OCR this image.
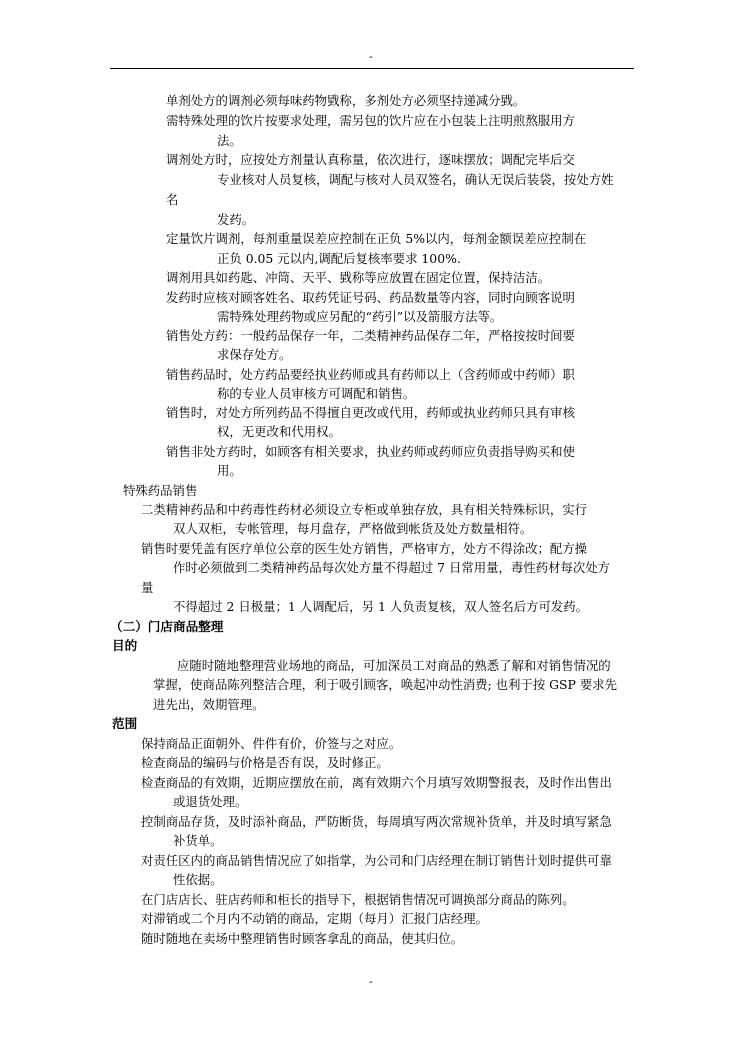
-
单剂处方的调剂必须每味药物戥称，多剂处方必须坚持递减分戥。
需特殊处理的饮片按要求处理，需另包的饮片应在小包装上注明煎熬服用方
法。
调剂处方时，应按处方剂量认真称量，依次进行，逐味摆放；调配完毕后交
专业核对人员复核，调配与核对人员双签名，确认无误后装袋，按处方姓
名
发药。
定量饮片调剂，每剂重量误差应控制在正负 5%以内，每剂金额误差应控制在
正负 0.05 元以内,调配后复核率要求 100%.
调剂用具如药匙、冲筒、天平、戥称等应放置在固定位置，保持洁洁。
发药时应核对顾客姓名、取药凭证号码、药品数量等内容，同时向顾客说明
需特殊处理药物或应另配的“药引”以及箭服方法等。
销售处方药：一般药品保存一年，二类精神药品保存二年，严格按按时间要
求保存处方。
销售药品时，处方药品要经执业药师或具有药师以上（含药师或中药师）职
称的专业人员审核方可调配和销售。
销售时，对处方所列药品不得擅自更改或代用，药师或执业药师只具有审核
权，无更改和代用权。
销售非处方药时，如顾客有相关要求，执业药师或药师应负责指导购买和使
用。
特殊药品销售
二类精神药品和中药毒性药材必须设立专柜或单独存放，具有相关特殊标识，实行
双人双柜，专帐管理，每月盘存，严格做到帐货及处方数量相符。
销售时要凭盖有医疗单位公章的医生处方销售，严格审方，处方不得涂改；配方操
作时必须做到二类精神药品每次处方量不得超过 7 日常用量，毒性药材每次处方
量
不得超过 2 日极量；1 人调配后，另 1 人负责复核，双人签名后方可发药。
（二）门店商品整理
目的
应随时随地整理营业场地的商品，可加深员工对商品的熟悉了解和对销售情况的
掌握，使商品陈列整洁合理，利于吸引顾客，唤起冲动性消费; 也利于按 GSP 要求先
进先出，效期管理。
范围
保持商品正面朝外、件件有价，价签与之对应。
检查商品的编码与价格是否有误，及时修正。
检查商品的有效期，近期应摆放在前，离有效期六个月填写效期警报表，及时作出售出
或退货处理。
控制商品存货，及时添补商品，严防断货，每周填写两次常规补货单，并及时填写紧急
补货单。
对责任区内的商品销售情况应了如指掌，为公司和门店经理在制订销售计划时提供可靠
性依据。
在门店店长、驻店药师和柜长的指导下，根据销售情况可调换部分商品的陈列。
对滞销或二个月内不动销的商品，定期（每月）汇报门店经理。
随时随地在卖场中整理销售时顾客拿乱的商品，使其归位。
-
